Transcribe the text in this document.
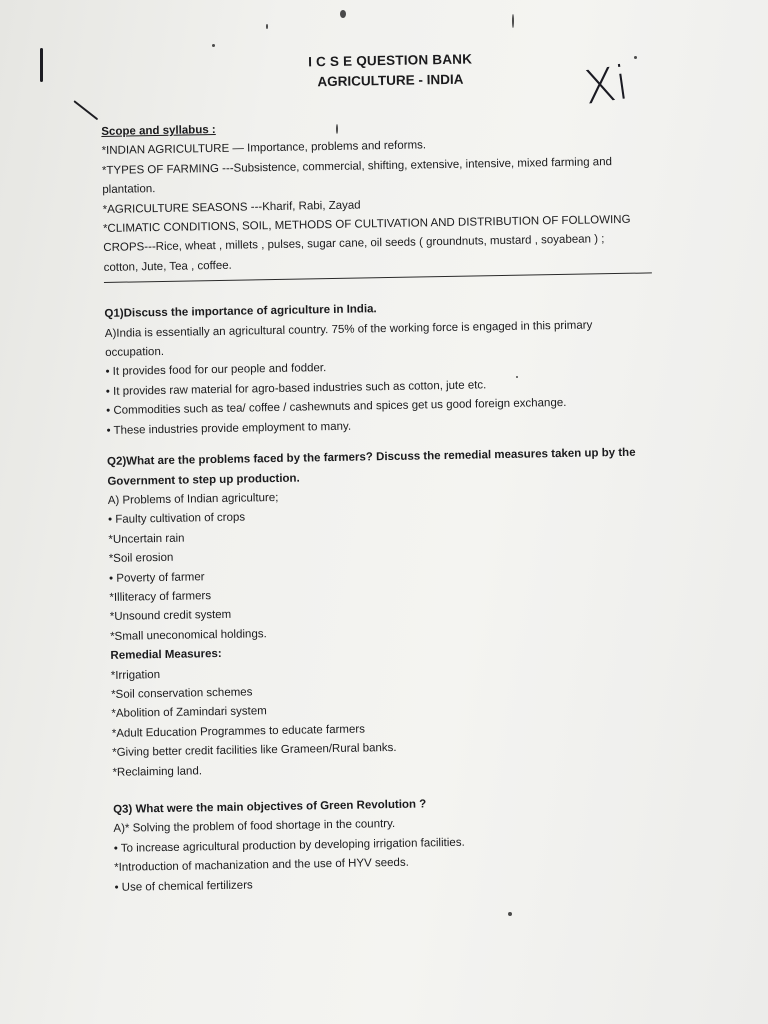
Xi
I C S E QUESTION BANK
AGRICULTURE - INDIA
Scope and syllabus :
*INDIAN AGRICULTURE — Importance, problems and reforms.
*TYPES OF FARMING ---Subsistence, commercial, shifting, extensive, intensive, mixed farming and
plantation.
*AGRICULTURE SEASONS ---Kharif, Rabi, Zayad
*CLIMATIC CONDITIONS, SOIL, METHODS OF CULTIVATION AND DISTRIBUTION OF FOLLOWING
CROPS---Rice, wheat , millets , pulses, sugar cane, oil seeds ( groundnuts, mustard , soyabean ) ;
cotton, Jute, Tea , coffee.
Q1)Discuss the importance of agriculture in India.
A)India is essentially an agricultural country. 75% of the working force is engaged in this primary
occupation.
• It provides food for our people and fodder.
• It provides raw material for agro-based industries such as cotton, jute etc.
• Commodities such as tea/ coffee / cashewnuts and spices get us good foreign exchange.
• These industries provide employment to many.
Q2)What are the problems faced by the farmers? Discuss the remedial measures taken up by the
Government to step up production.
A) Problems of Indian agriculture;
• Faulty cultivation of crops
*Uncertain rain
*Soil erosion
• Poverty of farmer
*Illiteracy of farmers
*Unsound credit system
*Small uneconomical holdings.
Remedial Measures:
*Irrigation
*Soil conservation schemes
*Abolition of Zamindari system
*Adult Education Programmes to educate farmers
*Giving better credit facilities like Grameen/Rural banks.
*Reclaiming land.
Q3) What were the main objectives of Green Revolution ?
A)* Solving the problem of food shortage in the country.
• To increase agricultural production by developing irrigation facilities.
*Introduction of machanization and the use of HYV seeds.
• Use of chemical fertilizers
